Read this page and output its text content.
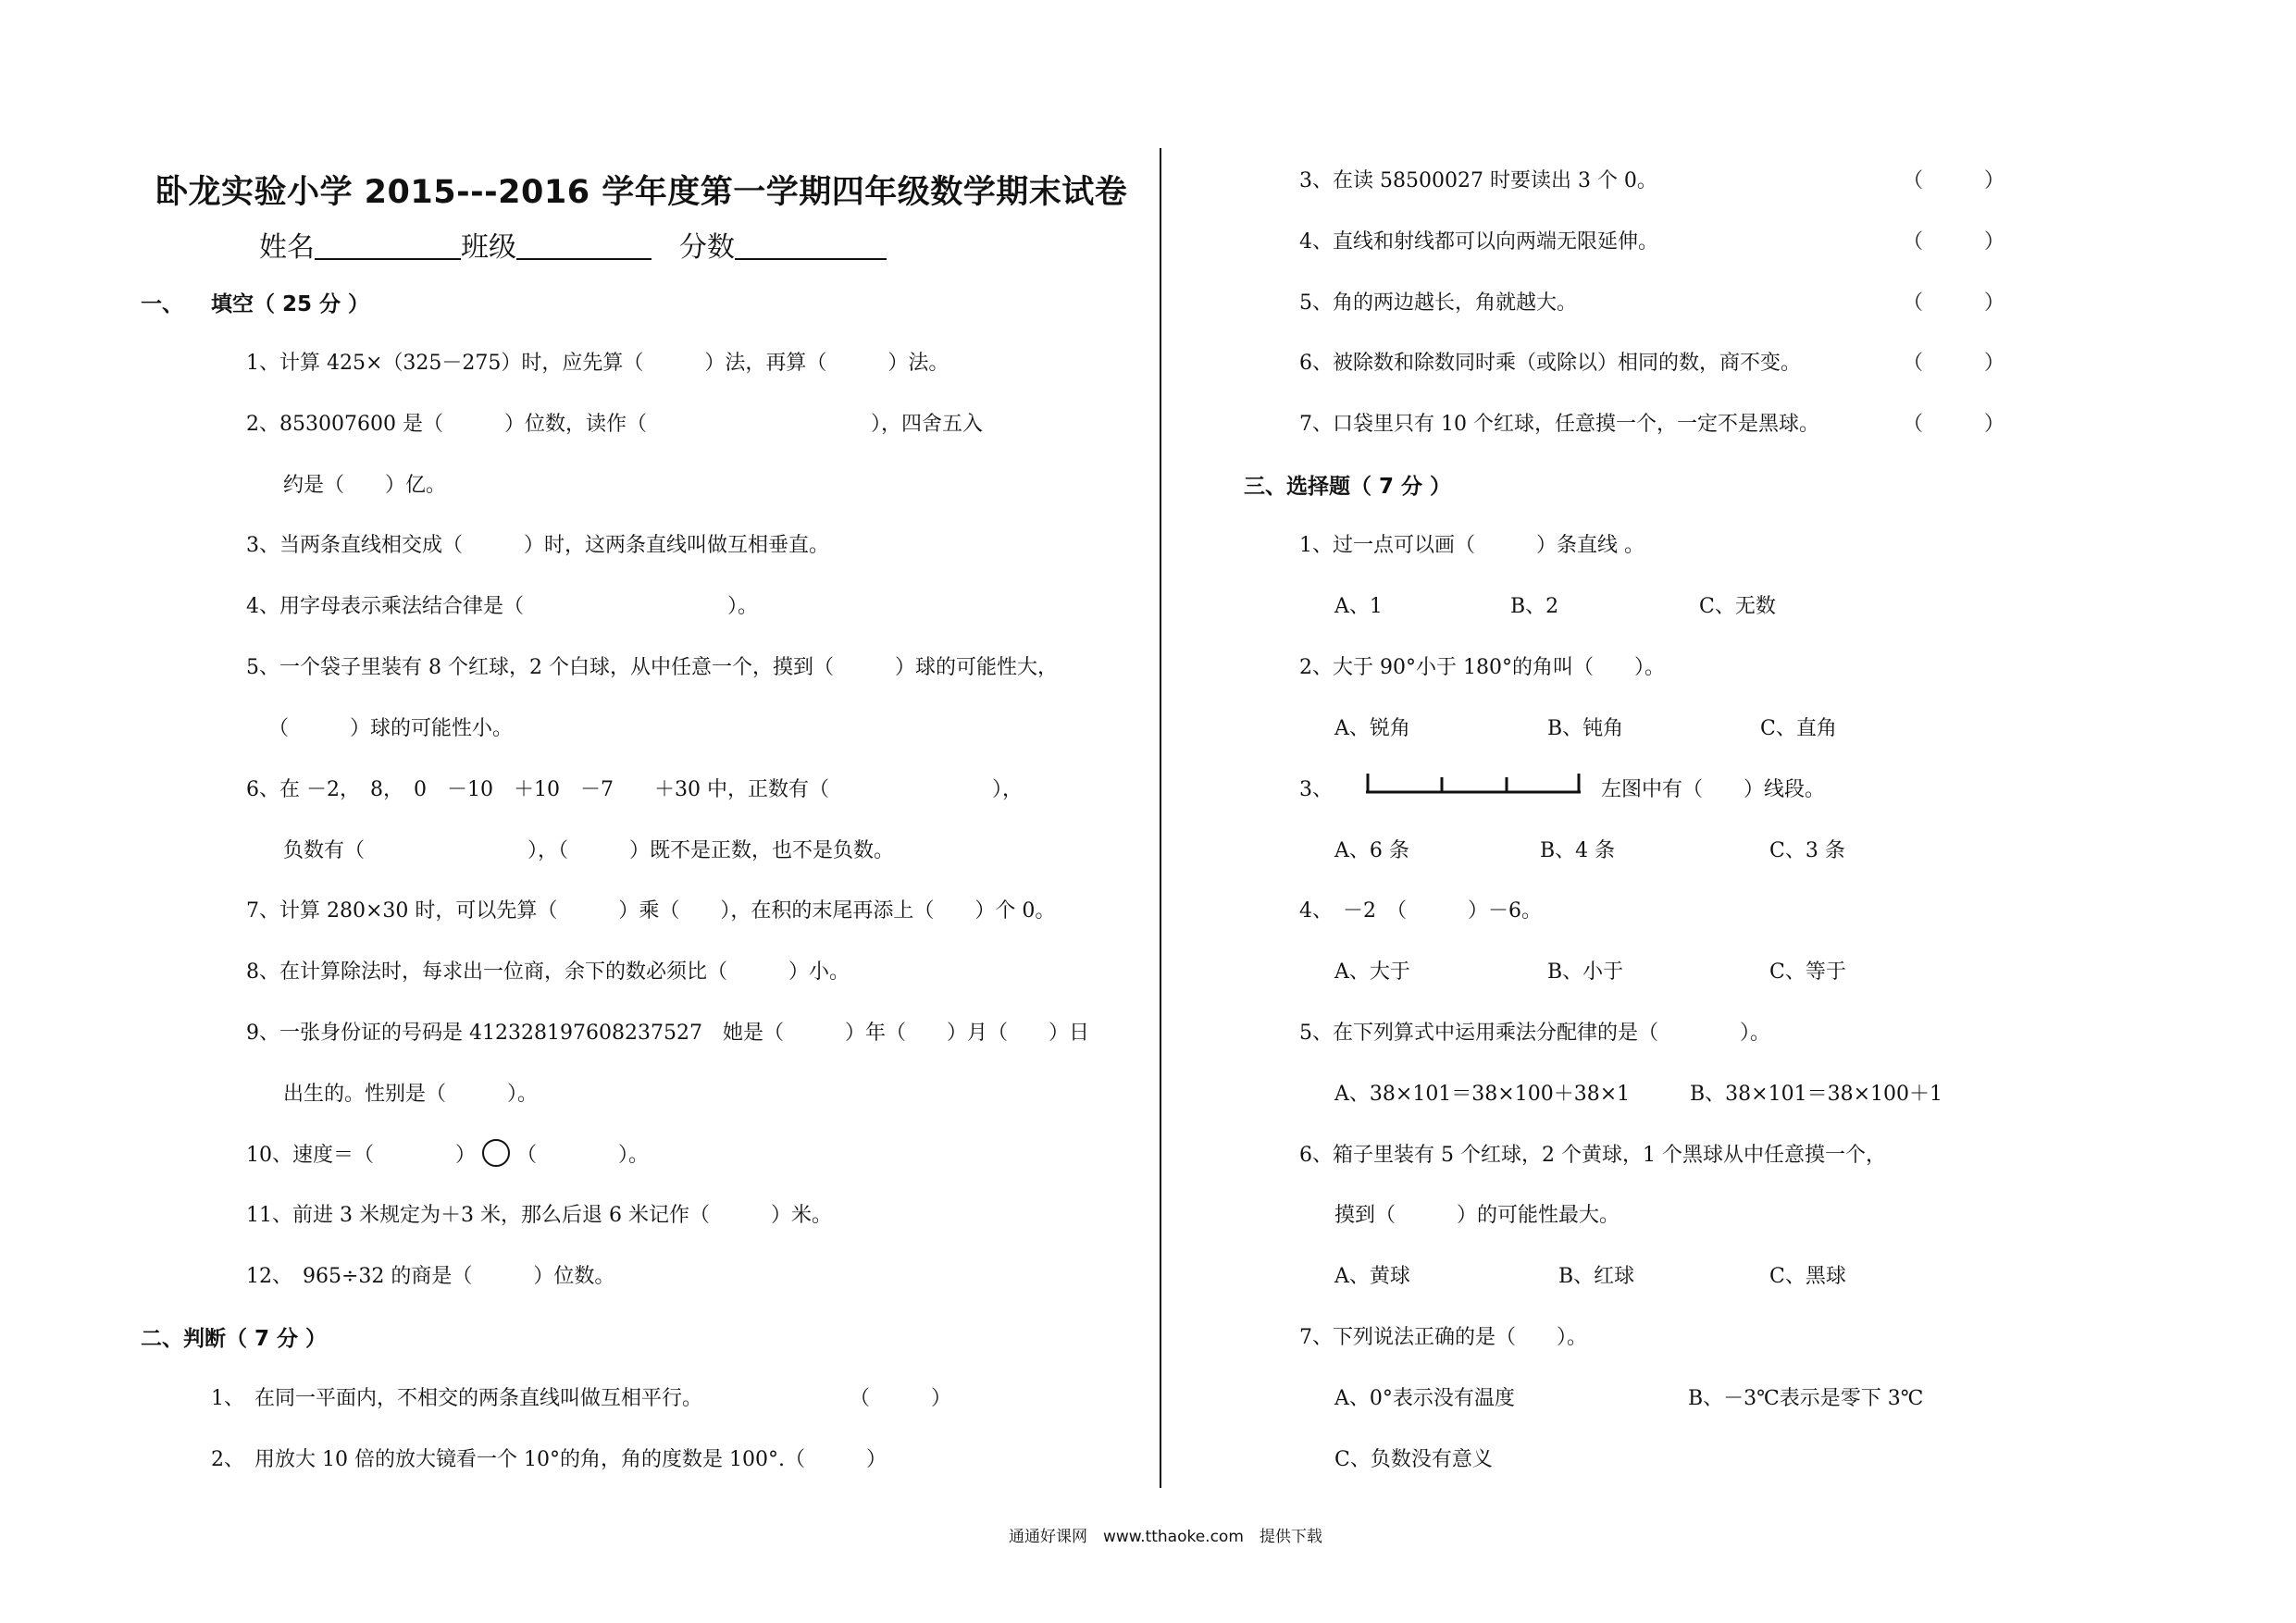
卧龙实验小学 2015---2016 学年度第一学期四年级数学期末试卷
姓名	班级	分数
一、 填空（ 25 分 ）
1、计算 425×（325－275）时，应先算（　　　）法，再算（　　　）法。
2、853007600 是（　　　）位数，读作（　　　　　　　　　　　），四舍五入
约是（　　）亿。
3、当两条直线相交成（　　　）时，这两条直线叫做互相垂直。
4、用字母表示乘法结合律是（　　　　　　　　　　）。
5、一个袋子里装有 8 个红球，2 个白球，从中任意一个，摸到（　　　）球的可能性大，
（　　　）球的可能性小。
6、在 －2，　8，　0　－10　＋10　－7　　＋30 中，正数有（　　　　　　　　），
负数有（　　　　　　　　），（　　　）既不是正数，也不是负数。
7、计算 280×30 时，可以先算（　　　）乘（　　），在积的末尾再添上（　　）个 0。
8、在计算除法时，每求出一位商，余下的数必须比（　　　）小。
9、一张身份证的号码是 412328197608237527　她是（　　　）年（　　）月（　　）日
出生的。性别是（　　　）。
10、速度＝（　　　　） （　　　　）。
11、前进 3 米规定为＋3 米，那么后退 6 米记作（　　　）米。
12、　965÷32 的商是（　　　）位数。
二、判断（ 7 分 ）
1、　在同一平面内，不相交的两条直线叫做互相平行。	（　　　）
2、　用放大 10 倍的放大镜看一个 10°的角，角的度数是 100°.（　　　）
3、在读 58500027 时要读出 3 个 0。	（　　　）
4、直线和射线都可以向两端无限延伸。	（　　　）
5、角的两边越长，角就越大。	（　　　）
6、被除数和除数同时乘（或除以）相同的数，商不变。	（　　　）
7、口袋里只有 10 个红球，任意摸一个，一定不是黑球。	（　　　）
三、选择题（ 7 分 ）
1、过一点可以画（　　　）条直线 。
A、1	B、2	C、无数
2、大于 90°小于 180°的角叫（　　）。
A、锐角	B、钝角	C、直角
3、	左图中有（　　）线段。
A、6 条	B、4 条	C、3 条
4、　－2　（　　　）－6。
A、大于	B、小于	C、等于
5、在下列算式中运用乘法分配律的是（　　　　）。
A、38×101＝38×100＋38×1	B、38×101＝38×100＋1
6、箱子里装有 5 个红球，2 个黄球，1 个黑球从中任意摸一个，
摸到（　　　）的可能性最大。
A、黄球	B、红球	C、黑球
7、下列说法正确的是（　　）。
A、0°表示没有温度	B、－3℃表示是零下 3℃
C、负数没有意义
通通好课网　www.tthaoke.com　提供下载
